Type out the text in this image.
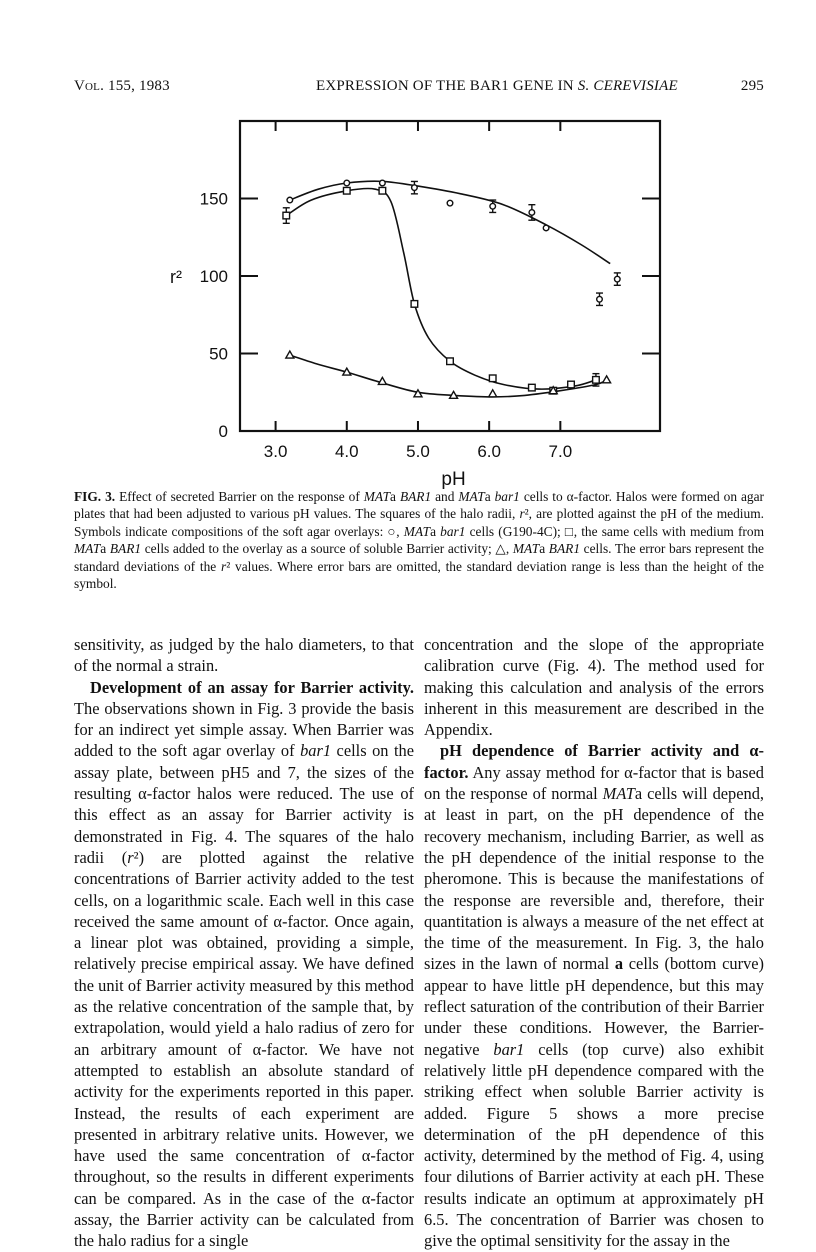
Vol. 155, 1983	EXPRESSION OF THE BAR1 GENE IN S. CEREVISIAE	295
3.0	4.0	5.0	6.0	7.0
0
50
100
150
pH
r²
FIG. 3. Effect of secreted Barrier on the response of MATa BAR1 and MATa bar1 cells to α-factor. Halos were formed on agar plates that had been adjusted to various pH values. The squares of the halo radii, r², are plotted against the pH of the medium. Symbols indicate compositions of the soft agar overlays: ○, MATa bar1 cells (G190-4C); □, the same cells with medium from MATa BAR1 cells added to the overlay as a source of soluble Barrier activity; △, MATa BAR1 cells. The error bars represent the standard deviations of the r² values. Where error bars are omitted, the standard deviation range is less than the height of the symbol.

sensitivity, as judged by the halo diameters, to that of the normal a strain.

Development of an assay for Barrier activity. The observations shown in Fig. 3 provide the basis for an indirect yet simple assay. When Barrier was added to the soft agar overlay of bar1 cells on the assay plate, between pH5 and 7, the sizes of the resulting α-factor halos were reduced. The use of this effect as an assay for Barrier activity is demonstrated in Fig. 4. The squares of the halo radii (r²) are plotted against the relative concentrations of Barrier activity added to the test cells, on a logarithmic scale. Each well in this case received the same amount of α-factor. Once again, a linear plot was obtained, providing a simple, relatively precise empirical assay. We have defined the unit of Barrier activity measured by this method as the relative concentration of the sample that, by extrapolation, would yield a halo radius of zero for an arbitrary amount of α-factor. We have not attempted to establish an absolute standard of activity for the experiments reported in this paper. Instead, the results of each experiment are presented in arbitrary relative units. However, we have used the same concentration of α-factor throughout, so the results in different experiments can be compared. As in the case of the α-factor assay, the Barrier activity can be calculated from the halo radius for a single

concentration and the slope of the appropriate calibration curve (Fig. 4). The method used for making this calculation and analysis of the errors inherent in this measurement are described in the Appendix.

pH dependence of Barrier activity and α-factor. Any assay method for α-factor that is based on the response of normal MATa cells will depend, at least in part, on the pH dependence of the recovery mechanism, including Barrier, as well as the pH dependence of the initial response to the pheromone. This is because the manifestations of the response are reversible and, therefore, their quantitation is always a measure of the net effect at the time of the measurement. In Fig. 3, the halo sizes in the lawn of normal a cells (bottom curve) appear to have little pH dependence, but this may reflect saturation of the contribution of their Barrier under these conditions. However, the Barrier-negative bar1 cells (top curve) also exhibit relatively little pH dependence compared with the striking effect when soluble Barrier activity is added. Figure 5 shows a more precise determination of the pH dependence of this activity, determined by the method of Fig. 4, using four dilutions of Barrier activity at each pH. These results indicate an optimum at approximately pH 6.5. The concentration of Barrier was chosen to give the optimal sensitivity for the assay in the
